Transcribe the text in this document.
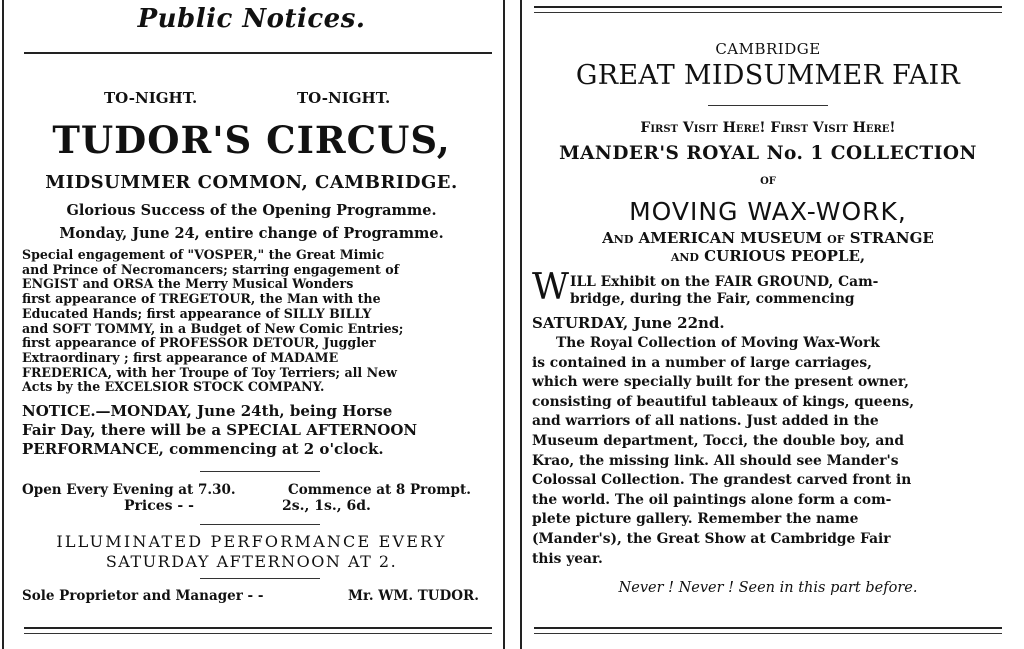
Public Notices.
TO-NIGHT.	TO-NIGHT.
TUDOR'S CIRCUS,
MIDSUMMER COMMON, CAMBRIDGE.
Glorious Success of the Opening Programme.
Monday, June 24, entire change of Programme.
Special engagement of "VOSPER," the Great Mimic
and Prince of Necromancers; starring engagement of
ENGIST and ORSA the Merry Musical Wonders
first appearance of TREGETOUR, the Man with the
Educated Hands; first appearance of SILLY BILLY
and SOFT TOMMY, in a Budget of New Comic Entries;
first appearance of PROFESSOR DETOUR, Juggler
Extraordinary ; first appearance of MADAME
FREDERICA, with her Troupe of Toy Terriers; all New
Acts by the EXCELSIOR STOCK COMPANY.
NOTICE.—MONDAY, June 24th, being Horse
Fair Day, there will be a SPECIAL AFTERNOON
PERFORMANCE, commencing at 2 o'clock.
Open Every Evening at 7.30.	Commence at 8 Prompt.
Prices - -	2s., 1s., 6d.
ILLUMINATED PERFORMANCE EVERY
SATURDAY AFTERNOON AT 2.
Sole Proprietor and Manager - -	Mr. WM. TUDOR.
CAMBRIDGE
GREAT MIDSUMMER FAIR
First Visit Here! First Visit Here!
MANDER'S ROYAL No. 1 COLLECTION
OF
MOVING WAX-WORK,
And AMERICAN MUSEUM of STRANGE
and CURIOUS PEOPLE,
W ILL Exhibit on the FAIR GROUND, Cam-
bridge, during the Fair, commencing
SATURDAY, June 22nd.
The Royal Collection of Moving Wax-Work
is contained in a number of large carriages,
which were specially built for the present owner,
consisting of beautiful tableaux of kings, queens,
and warriors of all nations. Just added in the
Museum department, Tocci, the double boy, and
Krao, the missing link. All should see Mander's
Colossal Collection. The grandest carved front in
the world. The oil paintings alone form a com-
plete picture gallery. Remember the name
(Mander's), the Great Show at Cambridge Fair
this year.
Never ! Never ! Seen in this part before.
